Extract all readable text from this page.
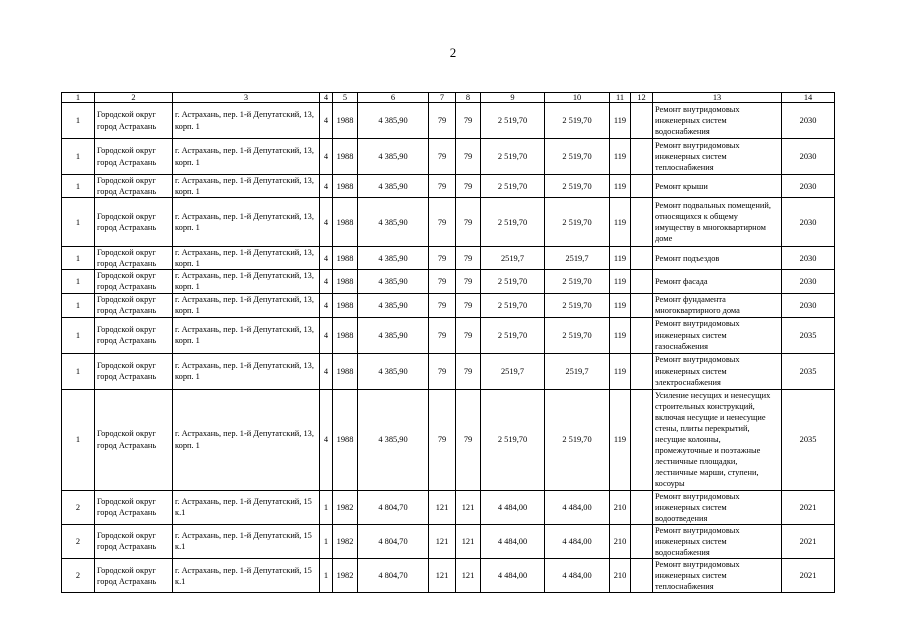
2
1	2	3	4	5	6	7	8	9	10	11	12	13	14
1	Городской округ город Астрахань	г. Астрахань, пер. 1-й Депутатский, 13, корп. 1	4	1988	4 385,90	79	79	2 519,70	2 519,70	119		Ремонт внутридомовых инженерных систем водоснабжения	2030
1	Городской округ город Астрахань	г. Астрахань, пер. 1-й Депутатский, 13, корп. 1	4	1988	4 385,90	79	79	2 519,70	2 519,70	119		Ремонт внутридомовых инженерных систем теплоснабжения	2030
1	Городской округ город Астрахань	г. Астрахань, пер. 1-й Депутатский, 13, корп. 1	4	1988	4 385,90	79	79	2 519,70	2 519,70	119		Ремонт крыши	2030
1	Городской округ город Астрахань	г. Астрахань, пер. 1-й Депутатский, 13, корп. 1	4	1988	4 385,90	79	79	2 519,70	2 519,70	119		Ремонт подвальных помещений, относящихся к общему имуществу в многоквартирном доме	2030
1	Городской округ город Астрахань	г. Астрахань, пер. 1-й Депутатский, 13, корп. 1	4	1988	4 385,90	79	79	2519,7	2519,7	119		Ремонт подъездов	2030
1	Городской округ город Астрахань	г. Астрахань, пер. 1-й Депутатский, 13, корп. 1	4	1988	4 385,90	79	79	2 519,70	2 519,70	119		Ремонт фасада	2030
1	Городской округ город Астрахань	г. Астрахань, пер. 1-й Депутатский, 13, корп. 1	4	1988	4 385,90	79	79	2 519,70	2 519,70	119		Ремонт фундамента многоквартирного дома	2030
1	Городской округ город Астрахань	г. Астрахань, пер. 1-й Депутатский, 13, корп. 1	4	1988	4 385,90	79	79	2 519,70	2 519,70	119		Ремонт внутридомовых инженерных систем газоснабжения	2035
1	Городской округ город Астрахань	г. Астрахань, пер. 1-й Депутатский, 13, корп. 1	4	1988	4 385,90	79	79	2519,7	2519,7	119		Ремонт внутридомовых инженерных систем электроснабжения	2035
1	Городской округ город Астрахань	г. Астрахань, пер. 1-й Депутатский, 13, корп. 1	4	1988	4 385,90	79	79	2 519,70	2 519,70	119		Усиление несущих и ненесущих строительных конструкций, включая несущие и ненесущие стены, плиты перекрытий, несущие колонны, промежуточные и поэтажные лестничные площадки, лестничные марши, ступени, косоуры	2035
2	Городской округ город Астрахань	г. Астрахань, пер. 1-й Депутатский, 15 к.1	1	1982	4 804,70	121	121	4 484,00	4 484,00	210		Ремонт внутридомовых инженерных систем водоотведения	2021
2	Городской округ город Астрахань	г. Астрахань, пер. 1-й Депутатский, 15 к.1	1	1982	4 804,70	121	121	4 484,00	4 484,00	210		Ремонт внутридомовых инженерных систем водоснабжения	2021
2	Городской округ город Астрахань	г. Астрахань, пер. 1-й Депутатский, 15 к.1	1	1982	4 804,70	121	121	4 484,00	4 484,00	210		Ремонт внутридомовых инженерных систем теплоснабжения	2021
